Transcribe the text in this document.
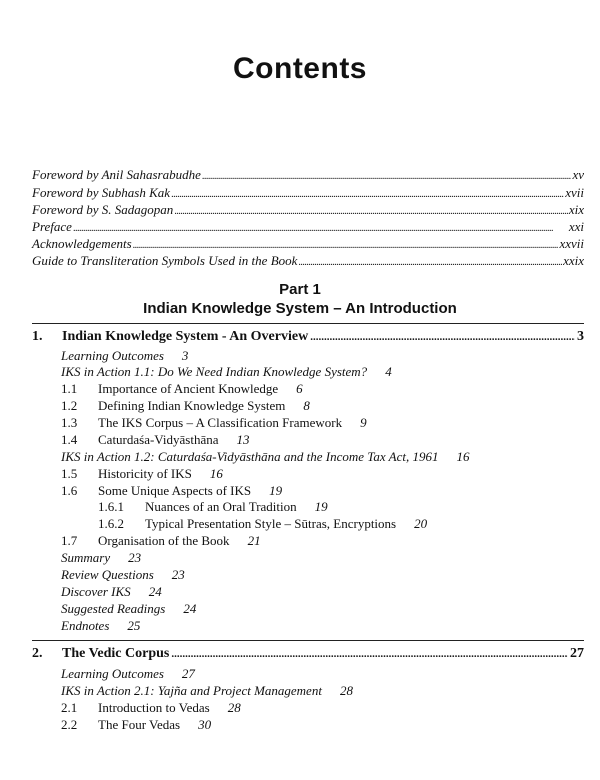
Contents
Foreword by Anil Sahasrabudhe .....	xv
Foreword by Subhash Kak .....	xvii
Foreword by S. Sadagopan .....	xix
Preface .....	xxi
Acknowledgements .....	xxvii
Guide to Transliteration Symbols Used in the Book .....	xxix
Part 1
Indian Knowledge System – An Introduction
1.	Indian Knowledge System - An Overview .....	3
Learning Outcomes 3
IKS in Action 1.1: Do We Need Indian Knowledge System? 4
1.1 Importance of Ancient Knowledge 6
1.2 Defining Indian Knowledge System 8
1.3 The IKS Corpus – A Classification Framework 9
1.4 Caturdaśa-Vidyāsthāna 13
IKS in Action 1.2: Caturdaśa-Vidyāsthāna and the Income Tax Act, 1961 16
1.5 Historicity of IKS 16
1.6 Some Unique Aspects of IKS 19
1.6.1 Nuances of an Oral Tradition 19
1.6.2 Typical Presentation Style – Sūtras, Encryptions 20
1.7 Organisation of the Book 21
Summary 23
Review Questions 23
Discover IKS 24
Suggested Readings 24
Endnotes 25
2.	The Vedic Corpus .....	27
Learning Outcomes 27
IKS in Action 2.1: Yajña and Project Management 28
2.1 Introduction to Vedas 28
2.2 The Four Vedas 30
